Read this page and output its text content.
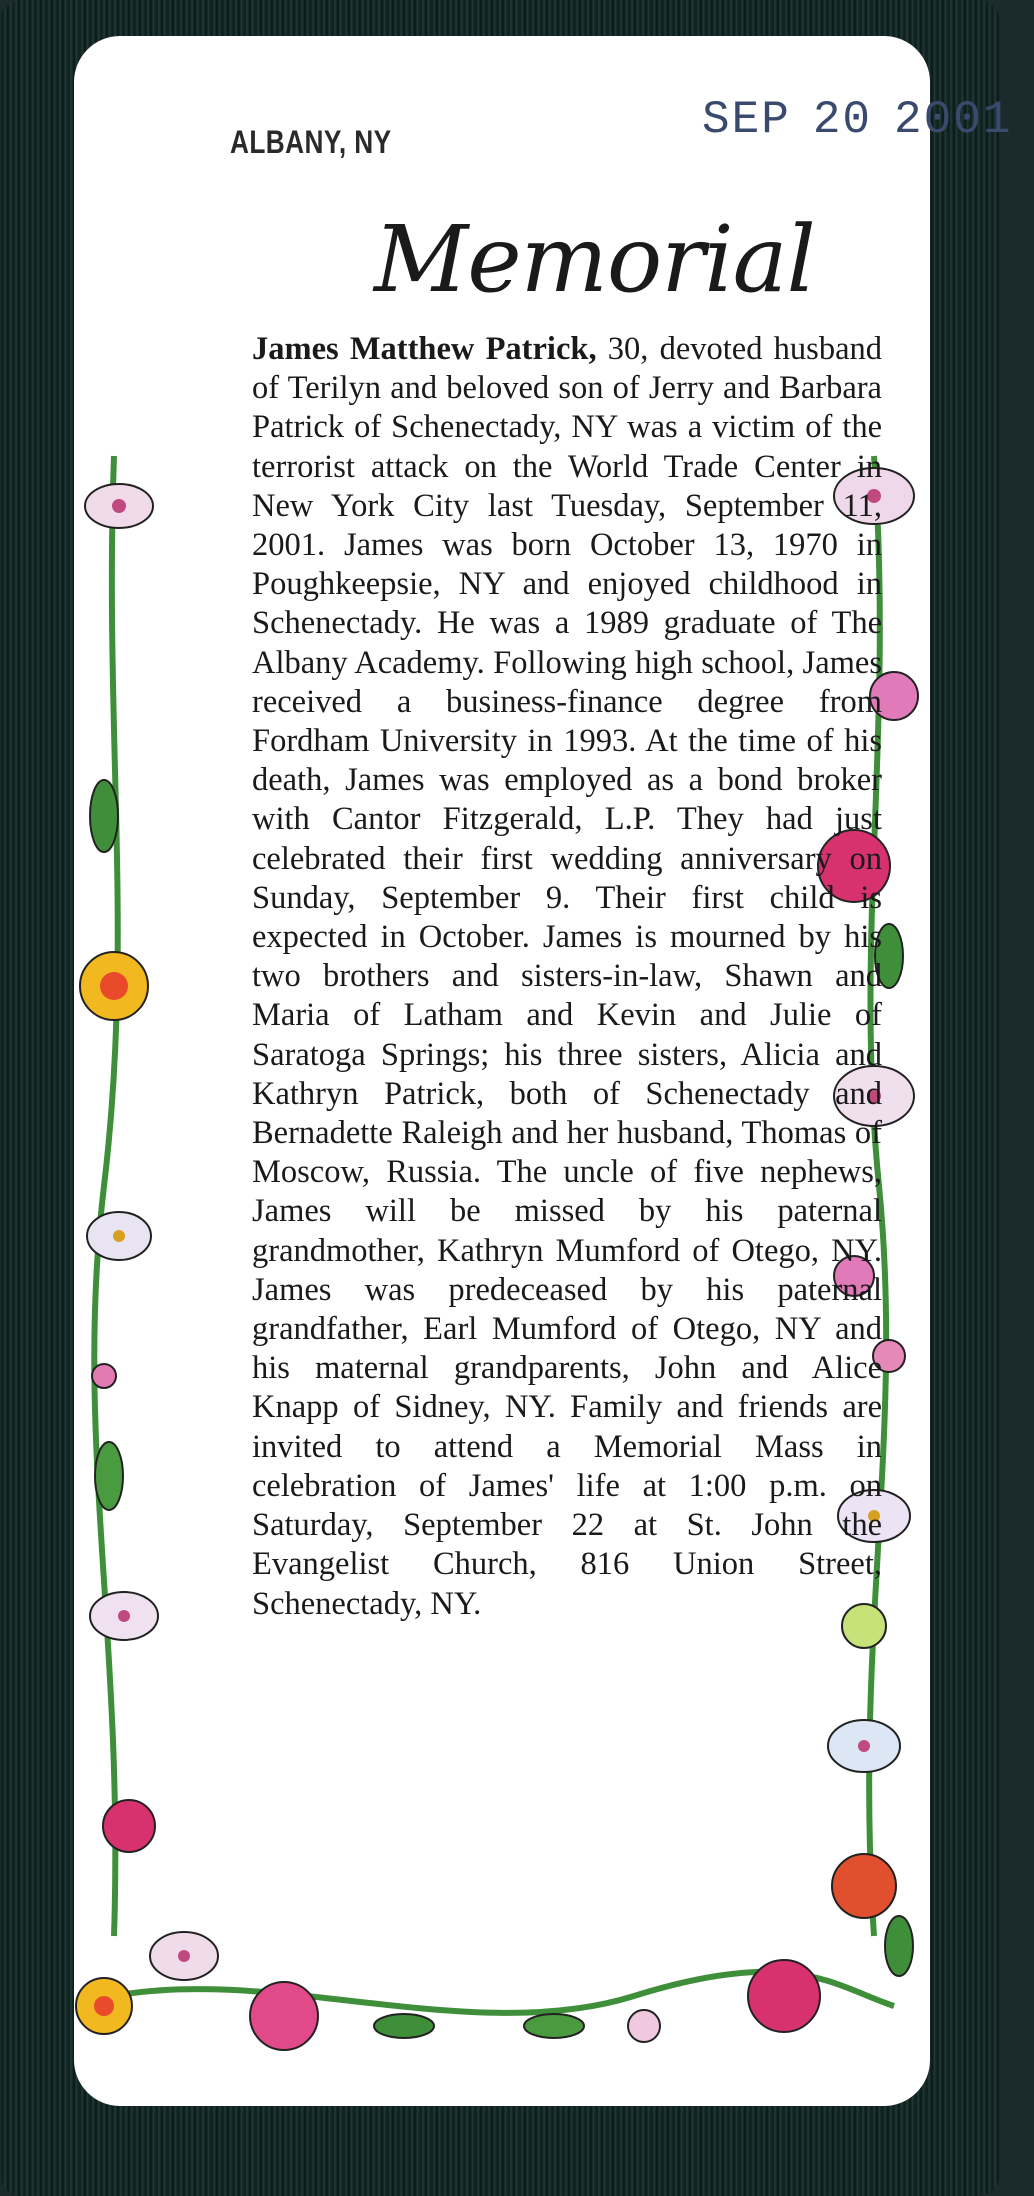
ALBANY, NY	SEP 20 2001
Memorial
James Matthew Patrick, 30, devoted husband of Terilyn and beloved son of Jerry and Barbara Patrick of Schenectady, NY was a victim of the terrorist attack on the World Trade Center in New York City last Tuesday, September 11, 2001. James was born October 13, 1970 in Poughkeepsie, NY and enjoyed childhood in Schenectady. He was a 1989 graduate of The Albany Academy. Following high school, James received a business-finance degree from Fordham University in 1993. At the time of his death, James was employed as a bond broker with Cantor Fitzgerald, L.P. They had just celebrated their first wedding anniversary on Sunday, September 9. Their first child is expected in October. James is mourned by his two brothers and sisters-in-law, Shawn and Maria of Latham and Kevin and Julie of Saratoga Springs; his three sisters, Alicia and Kathryn Patrick, both of Schenectady and Bernadette Raleigh and her husband, Thomas of Moscow, Russia. The uncle of five nephews, James will be missed by his paternal grandmother, Kathryn Mumford of Otego, NY. James was predeceased by his paternal grandfather, Earl Mumford of Otego, NY and his maternal grandparents, John and Alice Knapp of Sidney, NY. Family and friends are invited to attend a Memorial Mass in celebration of James' life at 1:00 p.m. on Saturday, September 22 at St. John the Evangelist Church, 816 Union Street, Schenectady, NY.
